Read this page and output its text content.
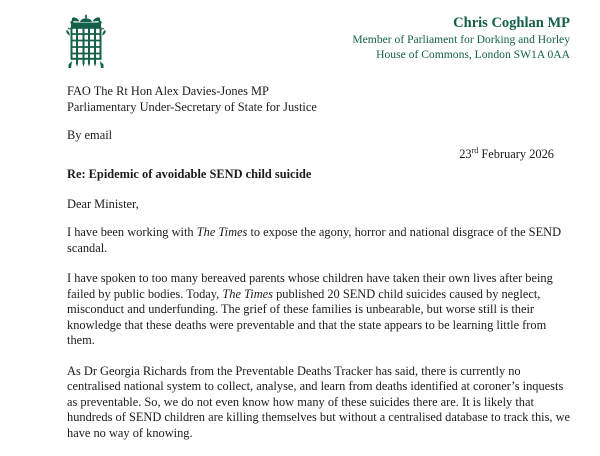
Chris Coghlan MP
Member of Parliament for Dorking and Horley
House of Commons, London SW1A 0AA

FAO The Rt Hon Alex Davies-Jones MP

Parliamentary Under-Secretary of State for Justice

By email

23rd February 2026

Re: Epidemic of avoidable SEND child suicide

Dear Minister,

I have been working with The Times to expose the agony, horror and national disgrace of the SEND scandal.

I have spoken to too many bereaved parents whose children have taken their own lives after being failed by public bodies. Today, The Times published 20 SEND child suicides caused by neglect, misconduct and underfunding. The grief of these families is unbearable, but worse still is their knowledge that these deaths were preventable and that the state appears to be learning little from them.

As Dr Georgia Richards from the Preventable Deaths Tracker has said, there is currently no centralised national system to collect, analyse, and learn from deaths identified at coroner’s inquests as preventable. So, we do not even know how many of these suicides there are. It is likely that hundreds of SEND children are killing themselves but without a centralised database to track this, we have no way of knowing.
